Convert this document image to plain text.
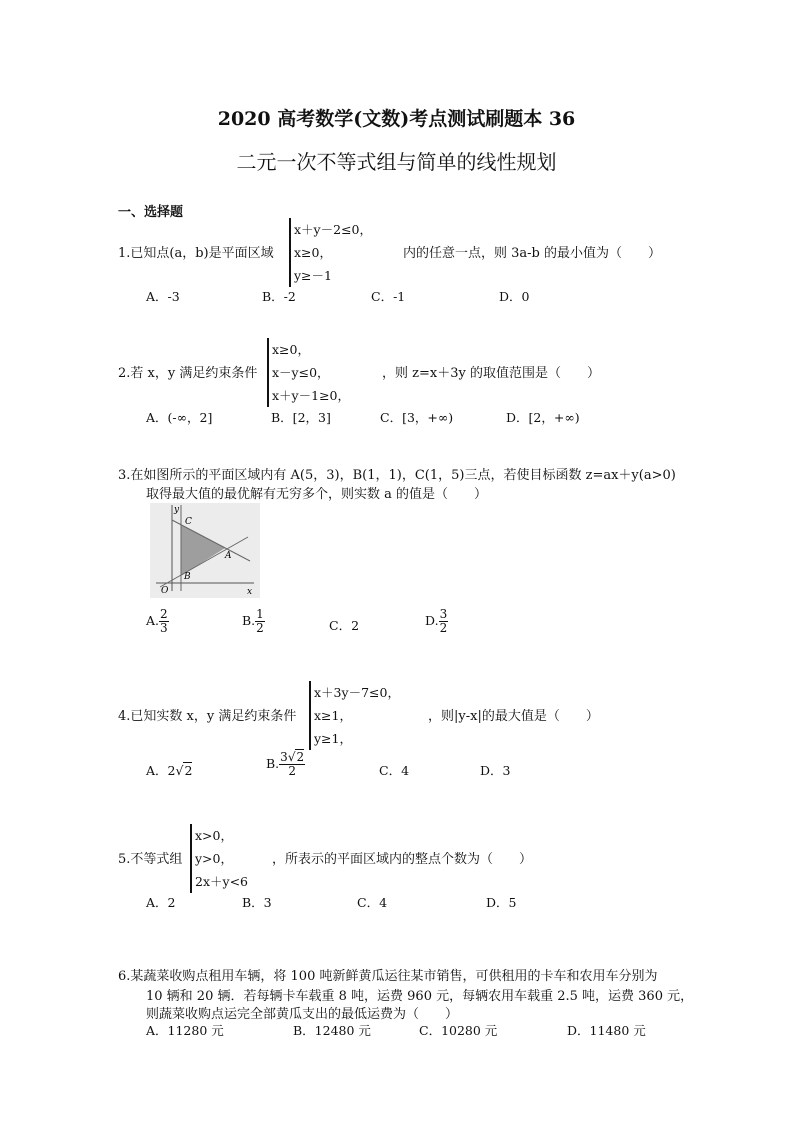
2020 高考数学(文数)考点测试刷题本 36
二元一次不等式组与简单的线性规划
一、选择题
1.已知点(a，b)是平面区域
x＋y－2≤0，
x≥0，
y≥－1
内的任意一点，则 3a-b 的最小值为（　　）
A．-3	B．-2	C．-1	D．0
2.若 x，y 满足约束条件
x≥0，
x－y≤0，
x＋y－1≥0，
，则 z=x＋3y 的取值范围是（　　）
A．(-∞，2]	B．[2，3]	C．[3，+∞)	D．[2，+∞)
3.在如图所示的平面区域内有 A(5，3)，B(1，1)，C(1，5)三点，若使目标函数 z=ax＋y(a>0)
取得最大值的最优解有无穷多个，则实数 a 的值是（　　）
y
C
A
B
O	x
A. $\frac{2}{3}$	B. $\frac{1}{2}$	C．2	D. $\frac{3}{2}$
4.已知实数 x，y 满足约束条件
x＋3y－7≤0，
x≥1，
y≥1，
，则|y-x|的最大值是（　　）
A．2√2	B. $\frac{3√2}{2}$	C．4	D．3
5.不等式组
x>0，
y>0，
2x＋y<6
，所表示的平面区域内的整点个数为（　　）
A．2	B．3	C．4	D．5
6.某蔬菜收购点租用车辆，将 100 吨新鲜黄瓜运往某市销售，可供租用的卡车和农用车分别为
10 辆和 20 辆．若每辆卡车载重 8 吨，运费 960 元，每辆农用车载重 2.5 吨，运费 360 元，
则蔬菜收购点运完全部黄瓜支出的最低运费为（　　）
A．11280 元	B．12480 元	C．10280 元	D．11480 元
